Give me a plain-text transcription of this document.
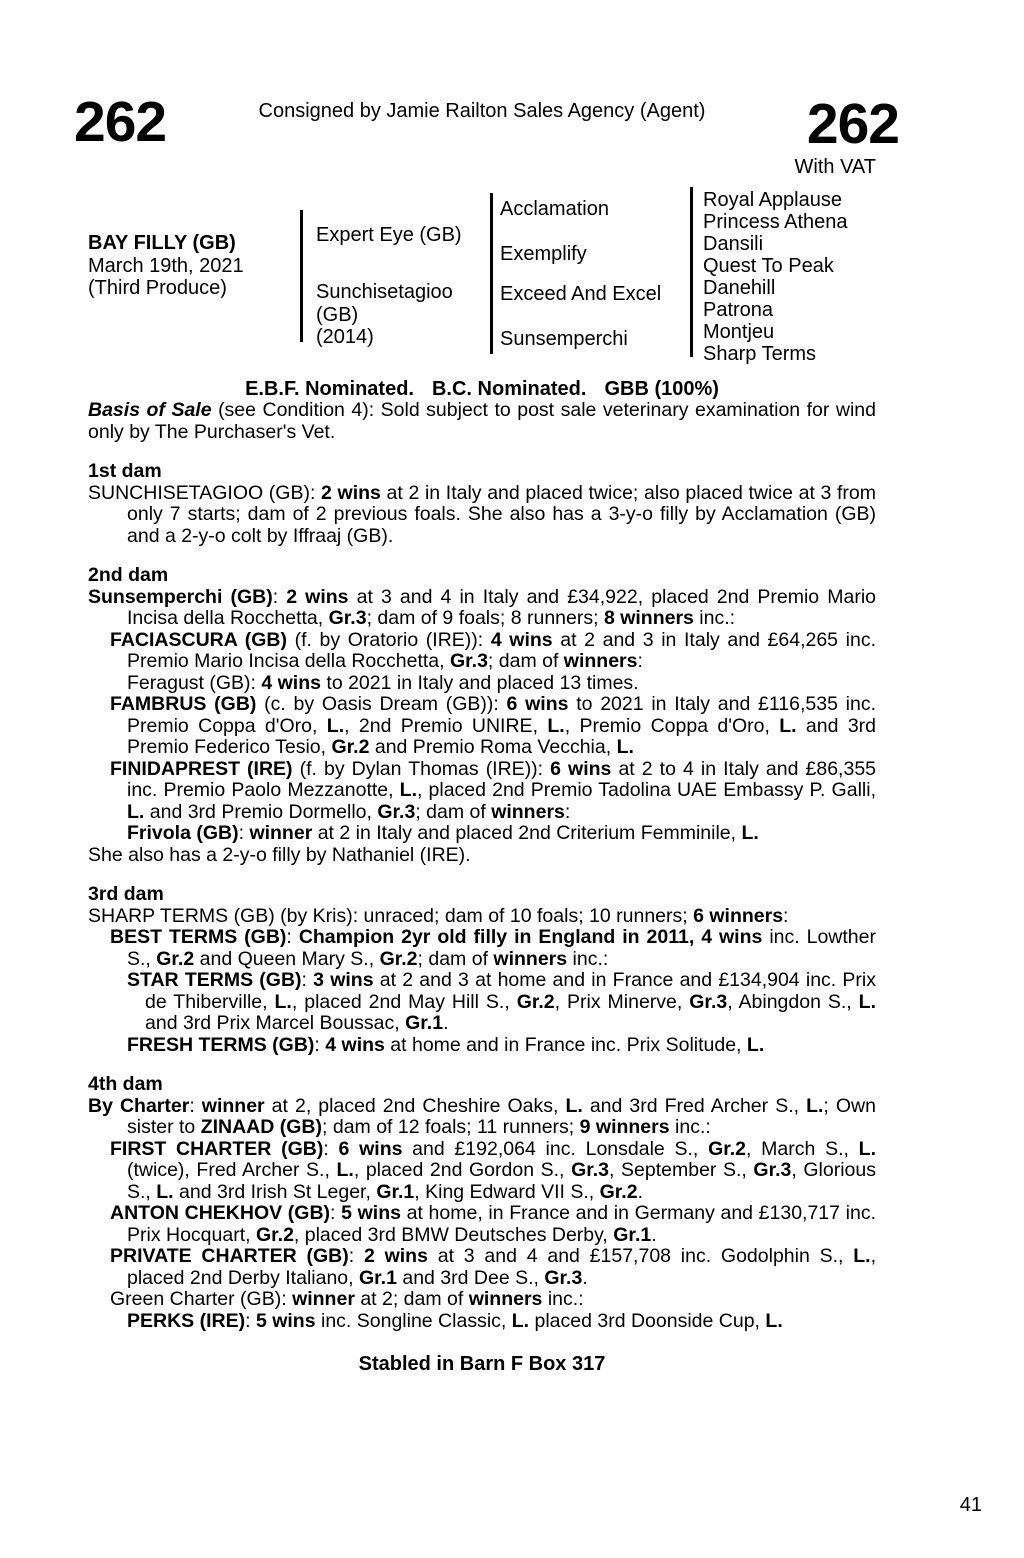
262	Consigned by Jamie Railton Sales Agency (Agent)	262
With VAT
BAY FILLY (GB)
March 19th, 2021
(Third Produce)
Expert Eye (GB)
Sunchisetagioo
(GB)
(2014)
Acclamation
Exemplify
Exceed And Excel
Sunsemperchi
Royal Applause
Princess Athena
Dansili
Quest To Peak
Danehill
Patrona
Montjeu
Sharp Terms

E.B.F. Nominated. B.C. Nominated. GBB (100%)

Basis of Sale (see Condition 4): Sold subject to post sale veterinary examination for wind only by The Purchaser's Vet.

1st dam

SUNCHISETAGIOO (GB): 2 wins at 2 in Italy and placed twice; also placed twice at 3 from only 7 starts; dam of 2 previous foals. She also has a 3-y-o filly by Acclamation (GB) and a 2-y-o colt by Iffraaj (GB).

2nd dam

Sunsemperchi (GB): 2 wins at 3 and 4 in Italy and £34,922, placed 2nd Premio Mario Incisa della Rocchetta, Gr.3; dam of 9 foals; 8 runners; 8 winners inc.:

FACIASCURA (GB) (f. by Oratorio (IRE)): 4 wins at 2 and 3 in Italy and £64,265 inc. Premio Mario Incisa della Rocchetta, Gr.3; dam of winners:

Feragust (GB): 4 wins to 2021 in Italy and placed 13 times.

FAMBRUS (GB) (c. by Oasis Dream (GB)): 6 wins to 2021 in Italy and £116,535 inc. Premio Coppa d'Oro, L., 2nd Premio UNIRE, L., Premio Coppa d'Oro, L. and 3rd Premio Federico Tesio, Gr.2 and Premio Roma Vecchia, L.

FINIDAPREST (IRE) (f. by Dylan Thomas (IRE)): 6 wins at 2 to 4 in Italy and £86,355 inc. Premio Paolo Mezzanotte, L., placed 2nd Premio Tadolina UAE Embassy P. Galli, L. and 3rd Premio Dormello, Gr.3; dam of winners:

Frivola (GB): winner at 2 in Italy and placed 2nd Criterium Femminile, L.

She also has a 2-y-o filly by Nathaniel (IRE).

3rd dam

SHARP TERMS (GB) (by Kris): unraced; dam of 10 foals; 10 runners; 6 winners:

BEST TERMS (GB): Champion 2yr old filly in England in 2011, 4 wins inc. Lowther S., Gr.2 and Queen Mary S., Gr.2; dam of winners inc.:

STAR TERMS (GB): 3 wins at 2 and 3 at home and in France and £134,904 inc. Prix de Thiberville, L., placed 2nd May Hill S., Gr.2, Prix Minerve, Gr.3, Abingdon S., L. and 3rd Prix Marcel Boussac, Gr.1.

FRESH TERMS (GB): 4 wins at home and in France inc. Prix Solitude, L.

4th dam

By Charter: winner at 2, placed 2nd Cheshire Oaks, L. and 3rd Fred Archer S., L.; Own sister to ZINAAD (GB); dam of 12 foals; 11 runners; 9 winners inc.:

FIRST CHARTER (GB): 6 wins and £192,064 inc. Lonsdale S., Gr.2, March S., L. (twice), Fred Archer S., L., placed 2nd Gordon S., Gr.3, September S., Gr.3, Glorious S., L. and 3rd Irish St Leger, Gr.1, King Edward VII S., Gr.2.

ANTON CHEKHOV (GB): 5 wins at home, in France and in Germany and £130,717 inc. Prix Hocquart, Gr.2, placed 3rd BMW Deutsches Derby, Gr.1.

PRIVATE CHARTER (GB): 2 wins at 3 and 4 and £157,708 inc. Godolphin S., L., placed 2nd Derby Italiano, Gr.1 and 3rd Dee S., Gr.3.

Green Charter (GB): winner at 2; dam of winners inc.:

PERKS (IRE): 5 wins inc. Songline Classic, L. placed 3rd Doonside Cup, L.

Stabled in Barn F Box 317
41
